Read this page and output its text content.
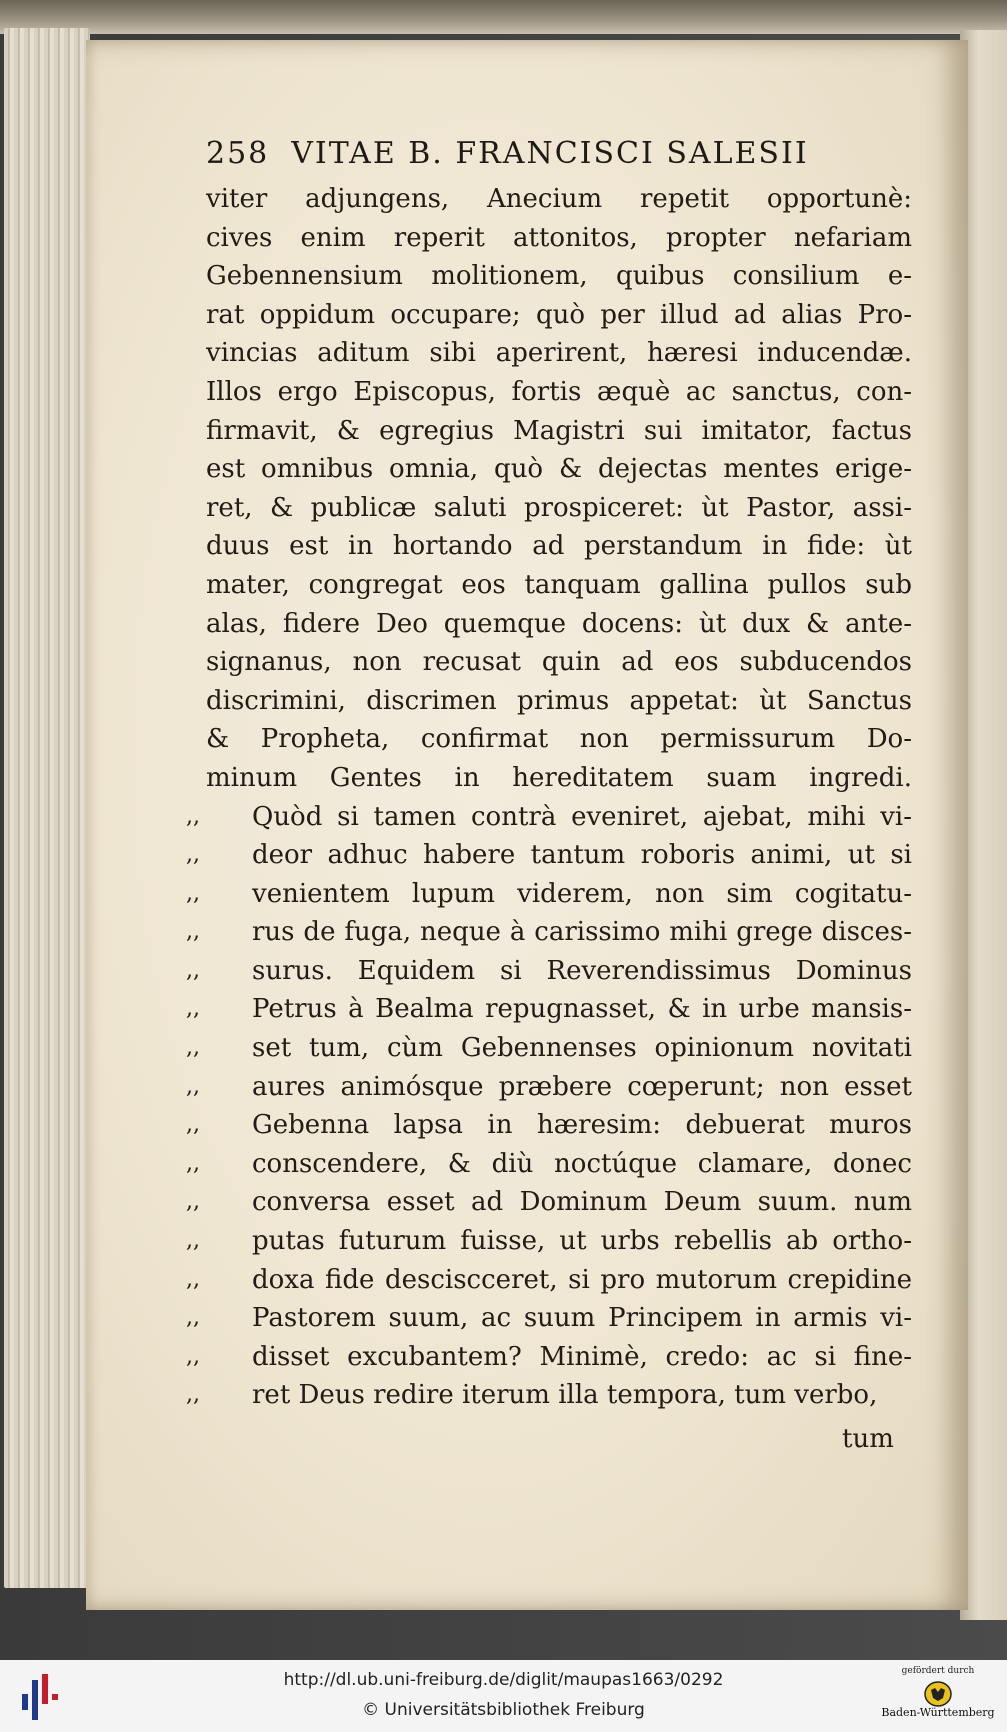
258 VITAE B. FRANCISCI SALESII
viter adjungens, Anecium repetit opportunè:
cives enim reperit attonitos, propter nefariam
Gebennensium molitionem, quibus consilium e-
rat oppidum occupare; quò per illud ad alias Pro-
vincias aditum sibi aperirent, hæresi inducendæ.
Illos ergo Episcopus, fortis æquè ac sanctus, con-
firmavit, & egregius Magistri sui imitator, factus
est omnibus omnia, quò & dejectas mentes erige-
ret, & publicæ saluti prospiceret: ùt Pastor, assi-
duus est in hortando ad perstandum in fide: ùt
mater, congregat eos tanquam gallina pullos sub
alas, fidere Deo quemque docens: ùt dux & ante-
signanus, non recusat quin ad eos subducendos
discrimini, discrimen primus appetat: ùt Sanctus
& Propheta, confirmat non permissurum Do-
minum Gentes in hereditatem suam ingredi.
,, Quòd si tamen contrà eveniret, ajebat, mihi vi-
,, deor adhuc habere tantum roboris animi, ut si
,, venientem lupum viderem, non sim cogitatu-
,, rus de fuga, neque à carissimo mihi grege disces-
,, surus. Equidem si Reverendissimus Dominus
,, Petrus à Bealma repugnasset, & in urbe mansis-
,, set tum, cùm Gebennenses opinionum novitati
,, aures animósque præbere cœperunt; non esset
,, Gebenna lapsa in hæresim: debuerat muros
,, conscendere, & diù noctúque clamare, donec
,, conversa esset ad Dominum Deum suum. num
,, putas futurum fuisse, ut urbs rebellis ab ortho-
,, doxa fide desciscceret, si pro mutorum crepidine
,, Pastorem suum, ac suum Principem in armis vi-
,, disset excubantem? Minimè, credo: ac si fine-
,, ret Deus redire iterum illa tempora, tum verbo,
tum
http://dl.ub.uni-freiburg.de/diglit/maupas1663/0292
© Universitätsbibliothek Freiburg
gefördert durch
Baden-Württemberg
